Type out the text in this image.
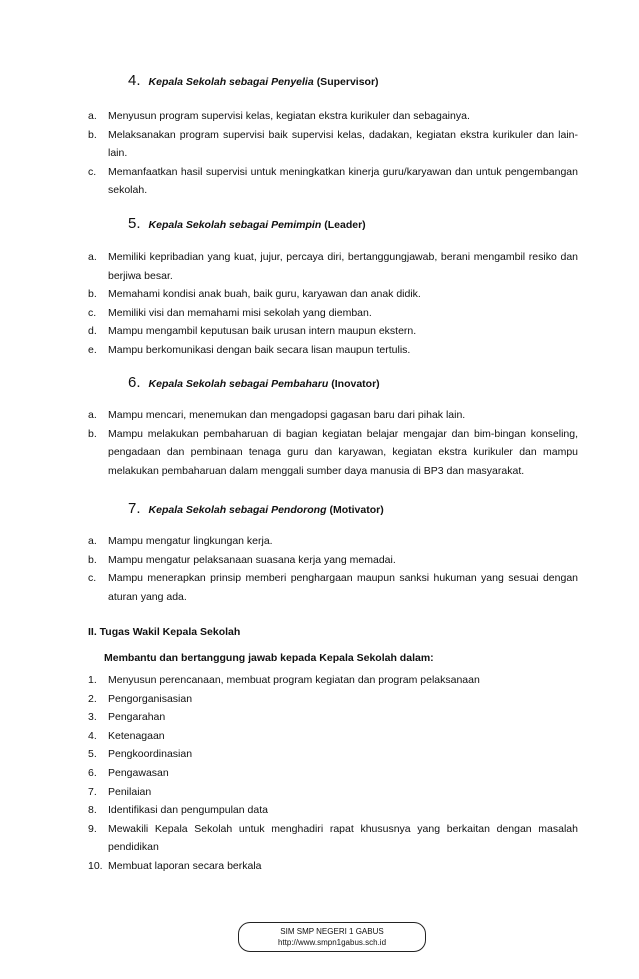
4. Kepala Sekolah sebagai Penyelia (Supervisor)
a. Menyusun program supervisi kelas, kegiatan ekstra kurikuler dan sebagainya.
b. Melaksanakan program supervisi baik supervisi kelas, dadakan, kegiatan ekstra kurikuler dan lain-lain.
c. Memanfaatkan hasil supervisi untuk meningkatkan kinerja guru/karyawan dan untuk pengembangan sekolah.
5. Kepala Sekolah sebagai Pemimpin (Leader)
a. Memiliki kepribadian yang kuat, jujur, percaya diri, bertanggungjawab, berani mengambil resiko dan berjiwa besar.
b. Memahami kondisi anak buah, baik guru, karyawan dan anak didik.
c. Memiliki visi dan memahami misi sekolah yang diemban.
d. Mampu mengambil keputusan baik urusan intern maupun ekstern.
e. Mampu berkomunikasi dengan baik secara lisan maupun tertulis.
6. Kepala Sekolah sebagai Pembaharu (Inovator)
a. Mampu mencari, menemukan dan mengadopsi gagasan baru dari pihak lain.
b. Mampu melakukan pembaharuan di bagian kegiatan belajar mengajar dan bim-bingan konseling, pengadaan dan pembinaan tenaga guru dan karyawan, kegiatan ekstra kurikuler dan mampu melakukan pembaharuan dalam menggali sumber daya manusia di BP3 dan masyarakat.
7. Kepala Sekolah sebagai Pendorong (Motivator)
a. Mampu mengatur lingkungan kerja.
b. Mampu mengatur pelaksanaan suasana kerja yang memadai.
c. Mampu menerapkan prinsip memberi penghargaan maupun sanksi hukuman yang sesuai dengan aturan yang ada.
II. Tugas Wakil Kepala Sekolah
Membantu dan bertanggung jawab kepada Kepala Sekolah dalam:
1. Menyusun perencanaan, membuat program kegiatan dan program pelaksanaan
2. Pengorganisasian
3. Pengarahan
4. Ketenagaan
5. Pengkoordinasian
6. Pengawasan
7. Penilaian
8. Identifikasi dan pengumpulan data
9. Mewakili Kepala Sekolah untuk menghadiri rapat khususnya yang berkaitan dengan masalah pendidikan
10. Membuat laporan secara berkala
SIM SMP NEGERI 1 GABUS
http://www.smpn1gabus.sch.id
